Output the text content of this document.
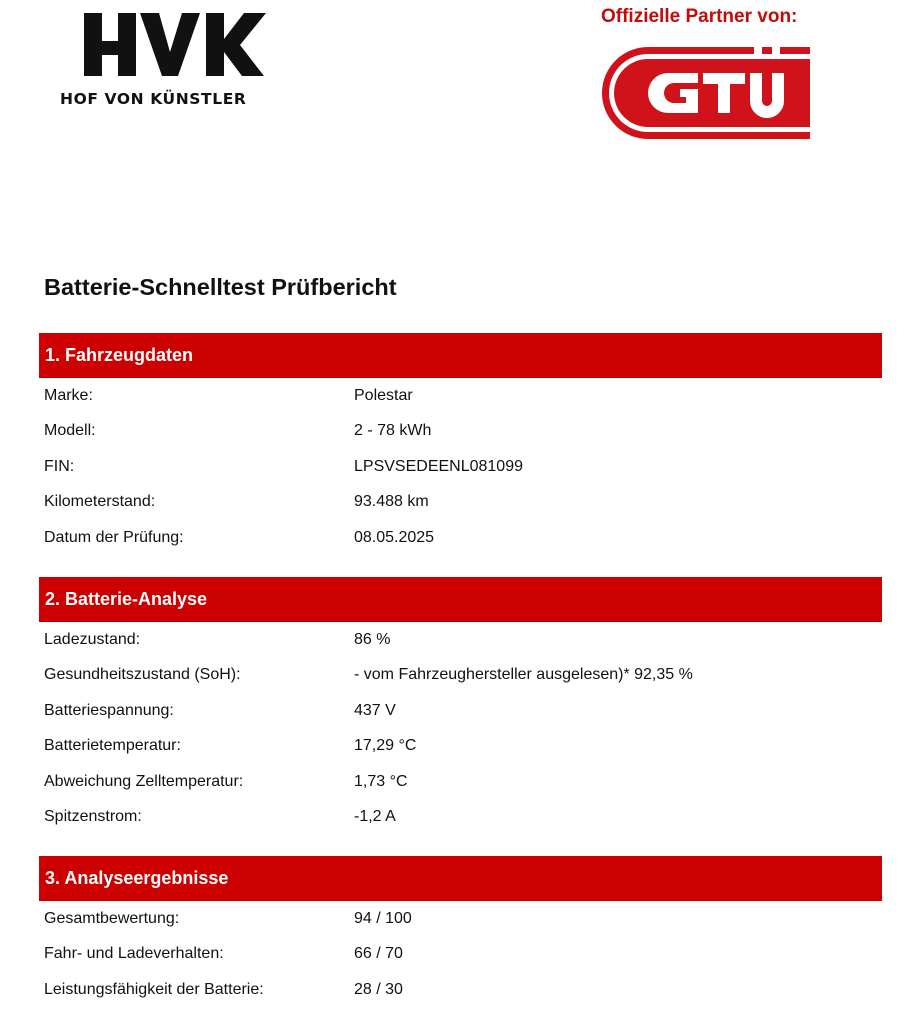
HOF VON KÜNSTLER
Offizielle Partner von:
Batterie-Schnelltest Prüfbericht
1. Fahrzeugdaten
Marke:	Polestar
Modell:	2 - 78 kWh
FIN:	LPSVSEDEENL081099
Kilometerstand:	93.488 km
Datum der Prüfung:	08.05.2025
2. Batterie-Analyse
Ladezustand:	86 %
Gesundheitszustand (SoH):	- vom Fahrzeughersteller ausgelesen)* 92,35 %
Batteriespannung:	437 V
Batterietemperatur:	17,29 °C
Abweichung Zelltemperatur:	1,73 °C
Spitzenstrom:	-1,2 A
3. Analyseergebnisse
Gesamtbewertung:	94 / 100
Fahr- und Ladeverhalten:	66 / 70
Leistungsfähigkeit der Batterie:	28 / 30
